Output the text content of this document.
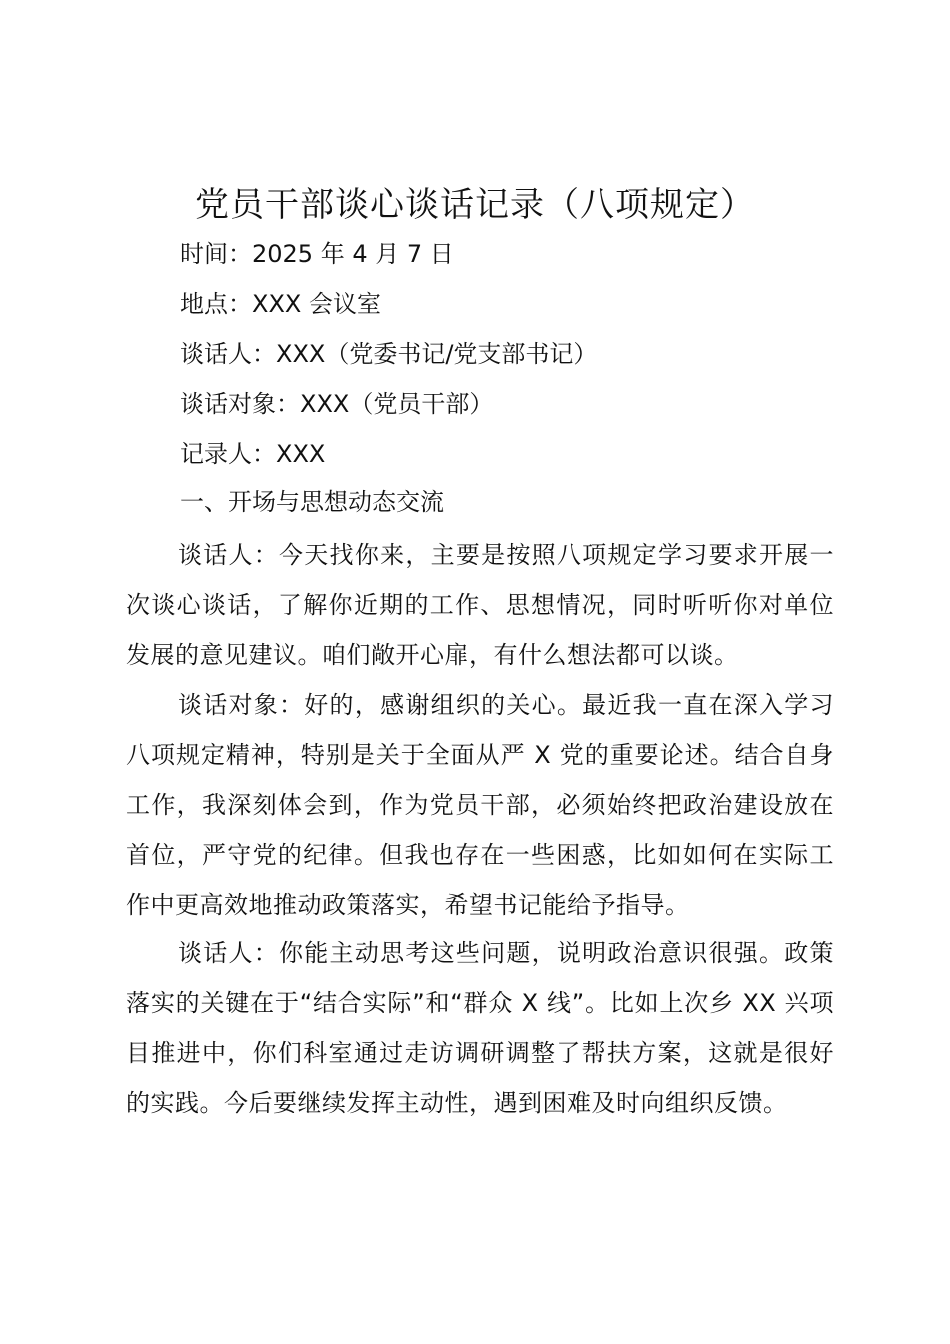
党员干部谈心谈话记录（八项规定）

时间：2025 年 4 月 7 日

地点：XXX 会议室

谈话人：XXX（党委书记/党支部书记）

谈话对象：XXX（党员干部）

记录人：XXX

一、开场与思想动态交流

谈话人：今天找你来，主要是按照八项规定学习要求开展一次谈心谈话，了解你近期的工作、思想情况，同时听听你对单位发展的意见建议。咱们敞开心扉，有什么想法都可以谈。

谈话对象：好的，感谢组织的关心。最近我一直在深入学习八项规定精神，特别是关于全面从严 X 党的重要论述。结合自身工作，我深刻体会到，作为党员干部，必须始终把政治建设放在首位，严守党的纪律。但我也存在一些困惑，比如如何在实际工作中更高效地推动政策落实，希望书记能给予指导。

谈话人：你能主动思考这些问题，说明政治意识很强。政策落实的关键在于“结合实际”和“群众 X 线”。比如上次乡 XX 兴项目推进中，你们科室通过走访调研调整了帮扶方案，这就是很好的实践。今后要继续发挥主动性，遇到困难及时向组织反馈。
